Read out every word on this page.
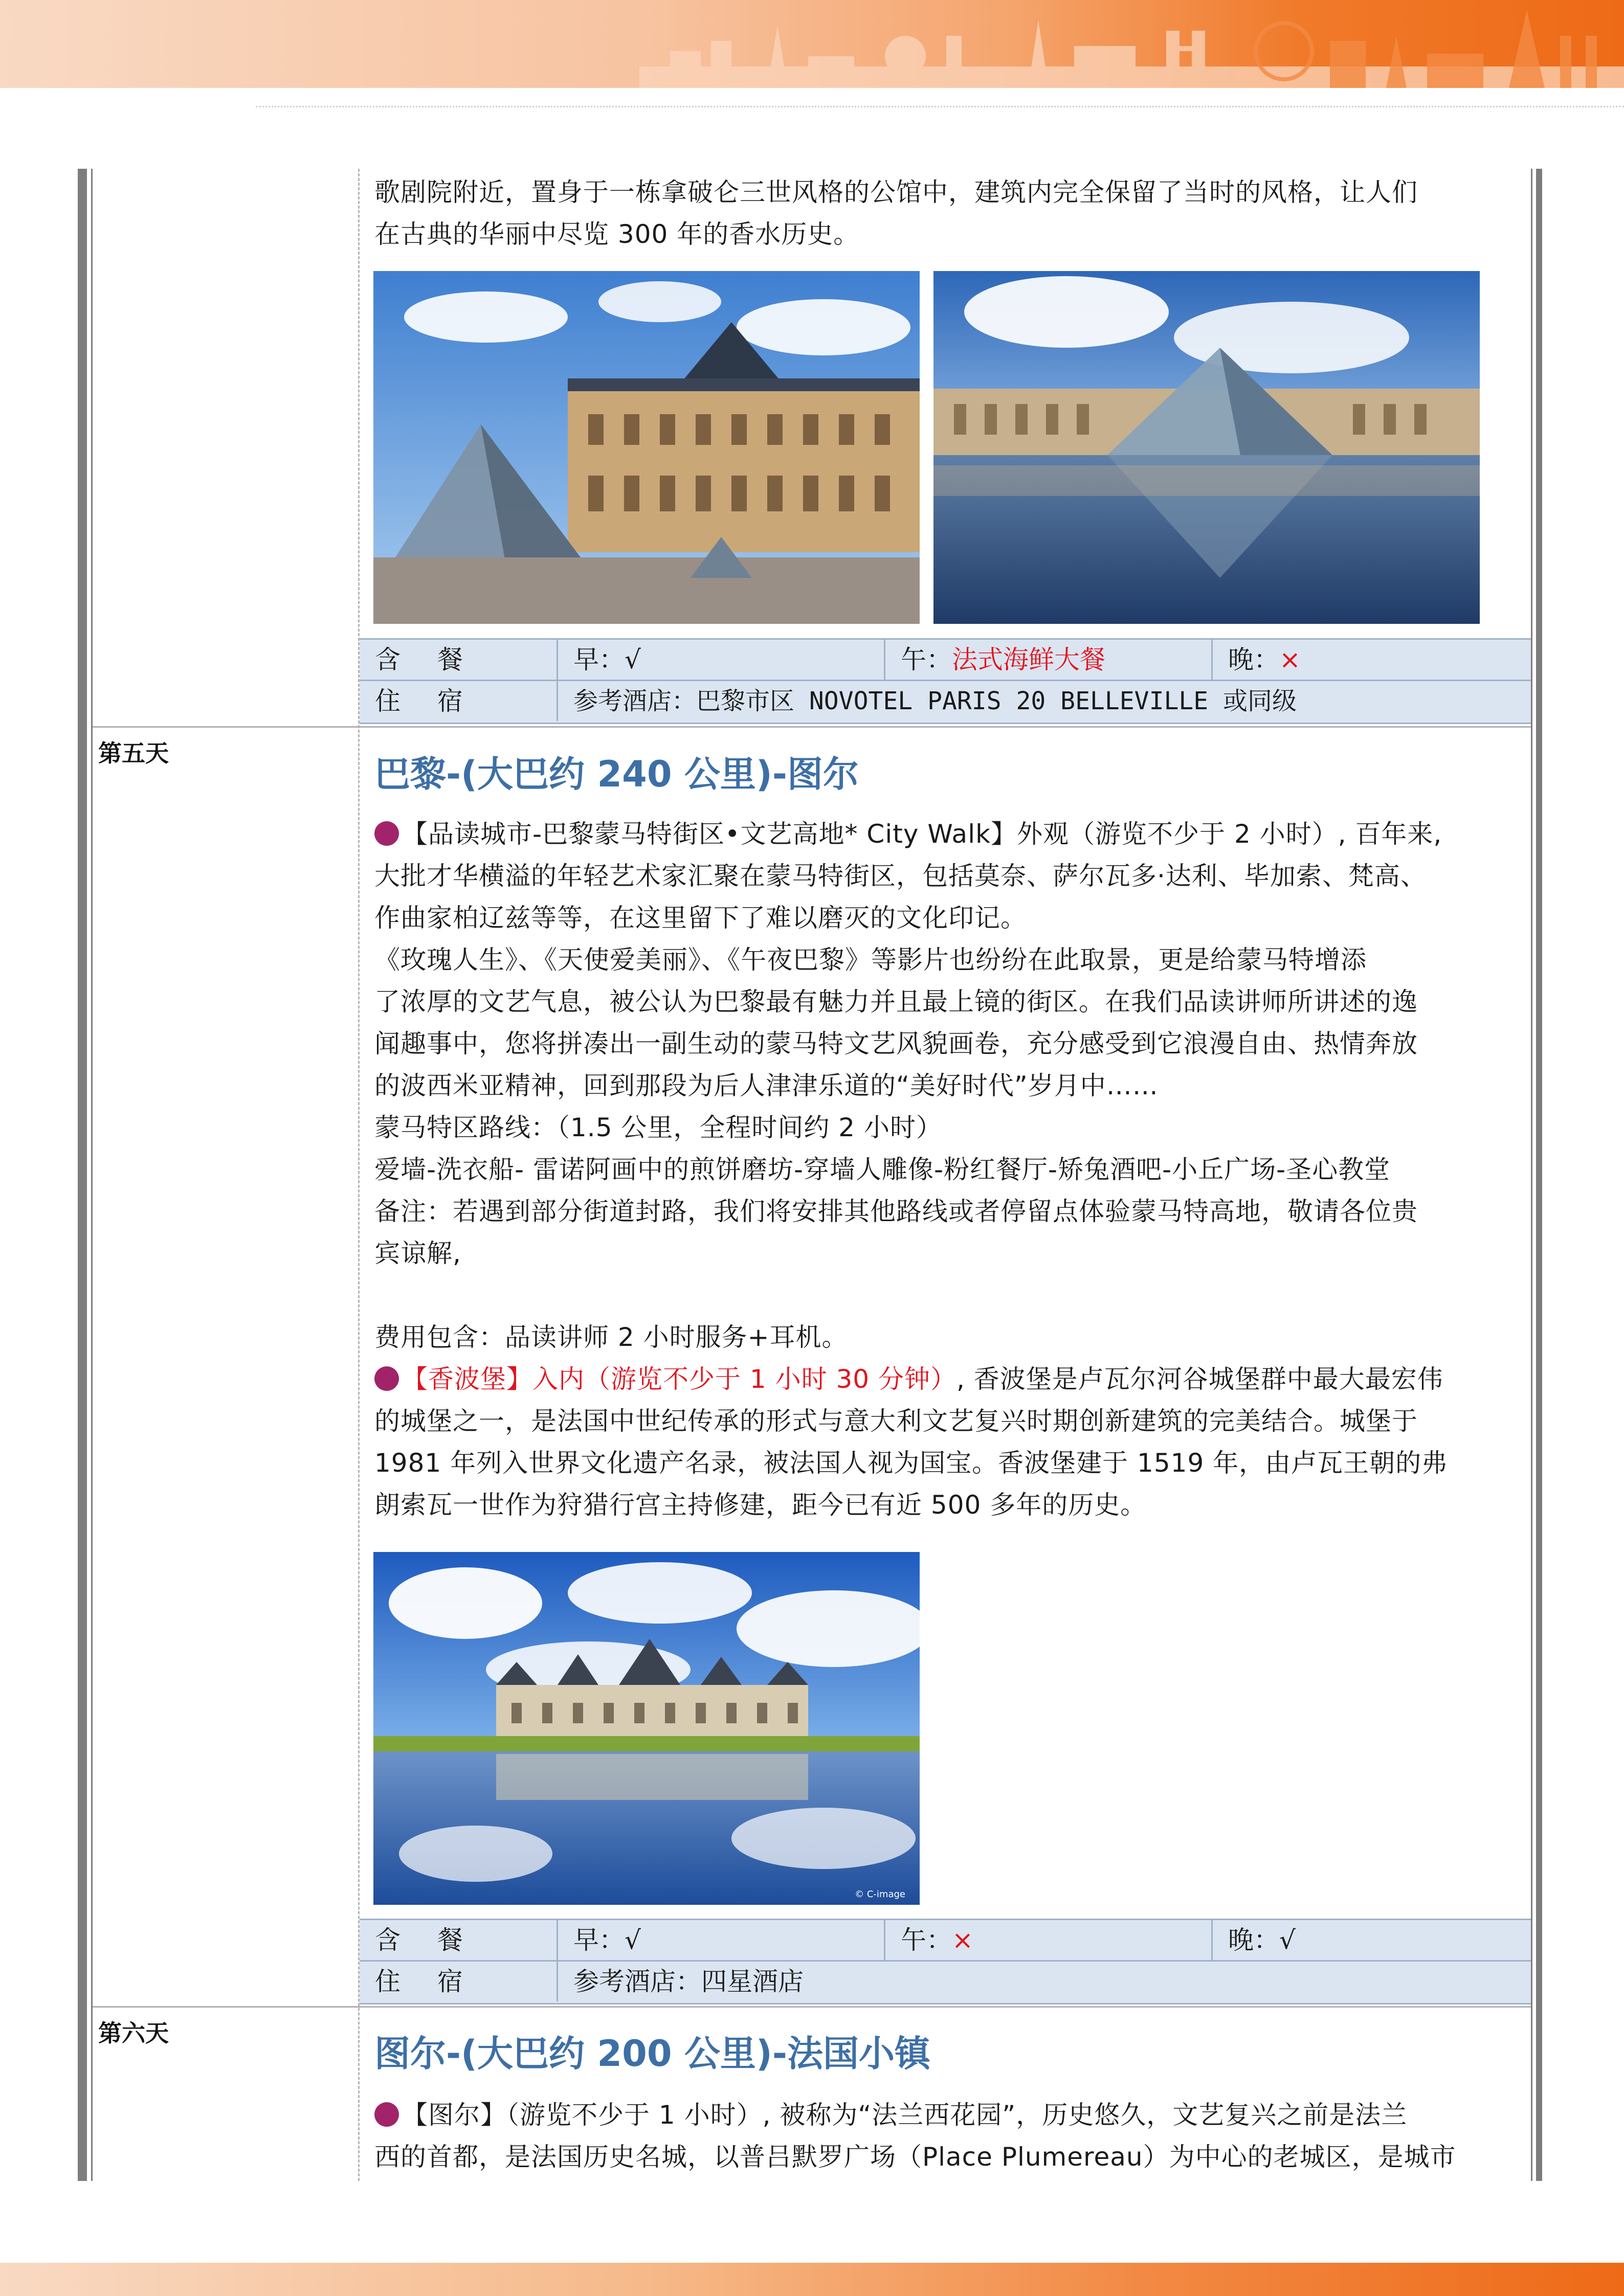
歌剧院附近，置身于一栋拿破仑三世风格的公馆中，建筑内完全保留了当时的风格，让人们

在古典的华丽中尽览 300 年的香水历史。

含 餐	早：√	午：法式海鲜大餐	晚：×
住 宿	参考酒店：巴黎市区 NOVOTEL PARIS 20 BELLEVILLE 或同级
第五天	巴黎-(大巴约 240 公里)-图尔

【品读城市-巴黎蒙马特街区•文艺高地* City Walk】外观（游览不少于 2 小时）, 百年来,

大批才华横溢的年轻艺术家汇聚在蒙马特街区，包括莫奈、萨尔瓦多·达利、毕加索、梵高、

作曲家柏辽兹等等，在这里留下了难以磨灭的文化印记。

《玫瑰人生》、《天使爱美丽》、《午夜巴黎》等影片也纷纷在此取景，更是给蒙马特增添

了浓厚的文艺气息，被公认为巴黎最有魅力并且最上镜的街区。在我们品读讲师所讲述的逸

闻趣事中，您将拼凑出一副生动的蒙马特文艺风貌画卷，充分感受到它浪漫自由、热情奔放

的波西米亚精神，回到那段为后人津津乐道的“美好时代”岁月中……

蒙马特区路线：（1.5 公里，全程时间约 2 小时）

爱墙-洗衣船- 雷诺阿画中的煎饼磨坊-穿墙人雕像-粉红餐厅-矫兔酒吧-小丘广场-圣心教堂

备注：若遇到部分街道封路，我们将安排其他路线或者停留点体验蒙马特高地，敬请各位贵

宾谅解,

费用包含：品读讲师 2 小时服务+耳机。

【香波堡】入内（游览不少于 1 小时 30 分钟）, 香波堡是卢瓦尔河谷城堡群中最大最宏伟

的城堡之一，是法国中世纪传承的形式与意大利文艺复兴时期创新建筑的完美结合。城堡于

1981 年列入世界文化遗产名录，被法国人视为国宝。香波堡建于 1519 年，由卢瓦王朝的弗

朗索瓦一世作为狩猎行宫主持修建，距今已有近 500 多年的历史。

© C-image
含 餐	早：√	午：×	晚：√
住 宿	参考酒店：四星酒店
第六天	图尔-(大巴约 200 公里)-法国小镇

【图尔】（游览不少于 1 小时）, 被称为“法兰西花园”，历史悠久，文艺复兴之前是法兰

西的首都，是法国历史名城，以普吕默罗广场（Place Plumereau）为中心的老城区，是城市
